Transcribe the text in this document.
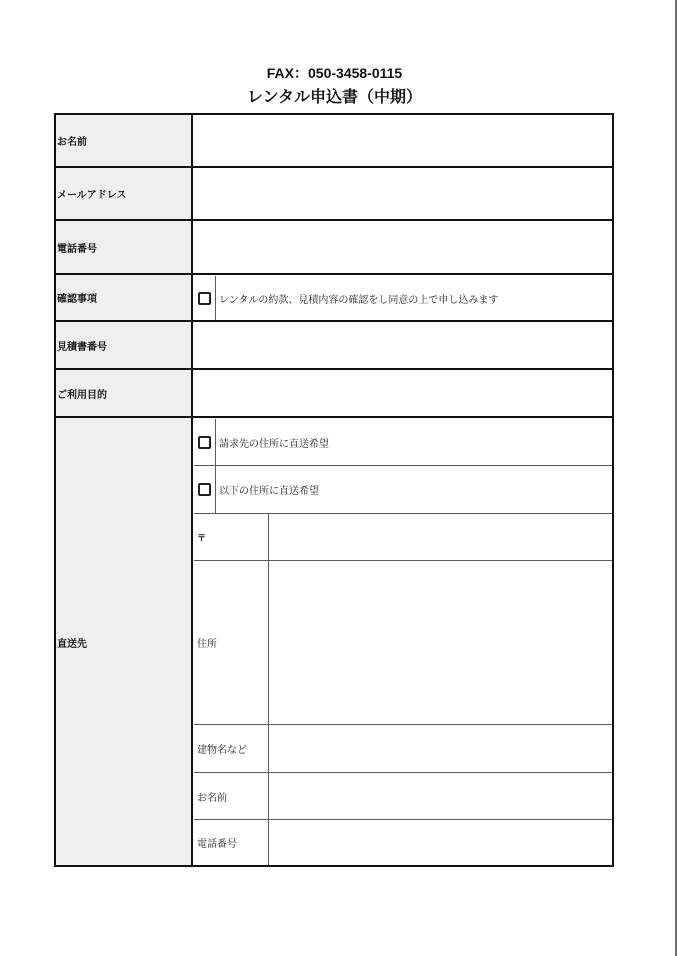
FAX：050-3458-0115
レンタル申込書（中期）
お名前
メールアドレス
電話番号
確認事項	レンタルの約款、見積内容の確認をし同意の上で申し込みます
見積書番号
ご利用目的
直送先
請求先の住所に直送希望
以下の住所に直送希望
〒
住所
建物名など
お名前
電話番号
